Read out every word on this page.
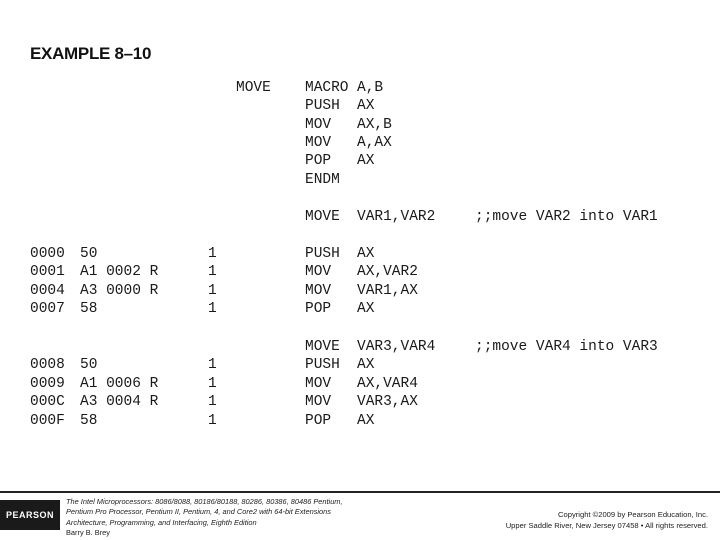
EXAMPLE 8–10
MOVE MACRO A,B
PUSH AX
MOV AX,B
MOV A,AX
POP AX
ENDM
MOVE VAR1,VAR2	;;move VAR2 into VAR1
0000 50	1	PUSH AX
0001 A1 0002 R	1	MOV AX,VAR2
0004 A3 0000 R	1	MOV VAR1,AX
0007 58	1	POP AX
MOVE VAR3,VAR4	;;move VAR4 into VAR3
0008 50	1	PUSH AX
0009 A1 0006 R	1	MOV AX,VAR4
000C A3 0004 R	1	MOV VAR3,AX
000F 58	1	POP AX
PEARSON
The Intel Microprocessors: 8086/8088, 80186/80188, 80286, 80386, 80486 Pentium,
Pentium Pro Processor, Pentium II, Pentium, 4, and Core2 with 64-bit Extensions
Architecture, Programming, and Interfacing, Eighth Edition
Barry B. Brey
Copyright ©2009 by Pearson Education, Inc.
Upper Saddle River, New Jersey 07458 • All rights reserved.
